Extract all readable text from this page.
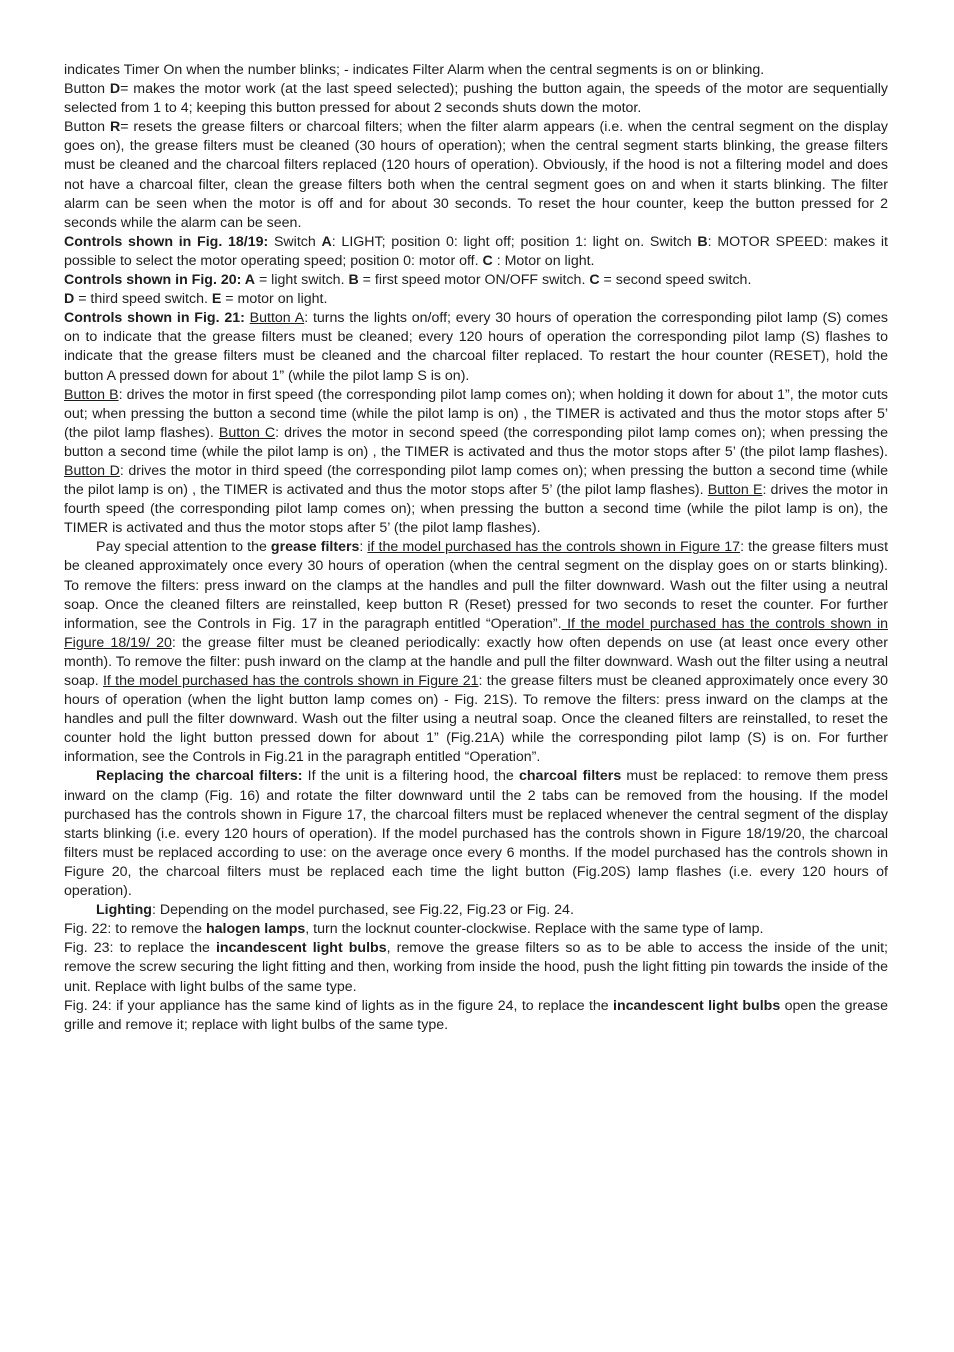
indicates Timer On when the number blinks; - indicates Filter Alarm when the central segments is on or blinking.

Button D= makes the motor work (at the last speed selected); pushing the button again, the speeds of the motor are sequentially selected from 1 to 4; keeping this button pressed for about 2 seconds shuts down the motor.

Button R= resets the grease filters or charcoal filters; when the filter alarm appears (i.e. when the central segment on the display goes on), the grease filters must be cleaned (30 hours of operation); when the central segment starts blinking, the grease filters must be cleaned and the charcoal filters replaced (120 hours of operation). Obviously, if the hood is not a filtering model and does not have a charcoal filter, clean the grease filters both when the central segment goes on and when it starts blinking. The filter alarm can be seen when the motor is off and for about 30 seconds. To reset the hour counter, keep the button pressed for 2 seconds while the alarm can be seen.

Controls shown in Fig. 18/19: Switch A: LIGHT; position 0: light off; position 1: light on. Switch B: MOTOR SPEED: makes it possible to select the motor operating speed; position 0: motor off. C : Motor on light.

Controls shown in Fig. 20: A = light switch. B = first speed motor ON/OFF switch. C = second speed switch.

D = third speed switch. E = motor on light.

Controls shown in Fig. 21: Button A: turns the lights on/off; every 30 hours of operation the corresponding pilot lamp (S) comes on to indicate that the grease filters must be cleaned; every 120 hours of operation the corresponding pilot lamp (S) flashes to indicate that the grease filters must be cleaned and the charcoal filter replaced. To restart the hour counter (RESET), hold the button A pressed down for about 1” (while the pilot lamp S is on).

Button B: drives the motor in first speed (the corresponding pilot lamp comes on); when holding it down for about 1”, the motor cuts out; when pressing the button a second time (while the pilot lamp is on) , the TIMER is activated and thus the motor stops after 5’ (the pilot lamp flashes). Button C: drives the motor in second speed (the corresponding pilot lamp comes on); when pressing the button a second time (while the pilot lamp is on) , the TIMER is activated and thus the motor stops after 5’ (the pilot lamp flashes). Button D: drives the motor in third speed (the corresponding pilot lamp comes on); when pressing the button a second time (while the pilot lamp is on) , the TIMER is activated and thus the motor stops after 5’ (the pilot lamp flashes). Button E: drives the motor in fourth speed (the corresponding pilot lamp comes on); when pressing the button a second time (while the pilot lamp is on), the TIMER is activated and thus the motor stops after 5’ (the pilot lamp flashes).

Pay special attention to the grease filters: if the model purchased has the controls shown in Figure 17: the grease filters must be cleaned approximately once every 30 hours of operation (when the central segment on the display goes on or starts blinking). To remove the filters: press inward on the clamps at the handles and pull the filter downward. Wash out the filter using a neutral soap. Once the cleaned filters are reinstalled, keep button R (Reset) pressed for two seconds to reset the counter. For further information, see the Controls in Fig. 17 in the paragraph entitled “Operation”. If the model purchased has the controls shown in Figure 18/19/ 20: the grease filter must be cleaned periodically: exactly how often depends on use (at least once every other month). To remove the filter: push inward on the clamp at the handle and pull the filter downward. Wash out the filter using a neutral soap. If the model purchased has the controls shown in Figure 21: the grease filters must be cleaned approximately once every 30 hours of operation (when the light button lamp comes on) - Fig. 21S). To remove the filters: press inward on the clamps at the handles and pull the filter downward. Wash out the filter using a neutral soap. Once the cleaned filters are reinstalled, to reset the counter hold the light button pressed down for about 1” (Fig.21A) while the corresponding pilot lamp (S) is on. For further information, see the Controls in Fig.21 in the paragraph entitled “Operation”.

Replacing the charcoal filters: If the unit is a filtering hood, the charcoal filters must be replaced: to remove them press inward on the clamp (Fig. 16) and rotate the filter downward until the 2 tabs can be removed from the housing. If the model purchased has the controls shown in Figure 17, the charcoal filters must be replaced whenever the central segment of the display starts blinking (i.e. every 120 hours of operation). If the model purchased has the controls shown in Figure 18/19/20, the charcoal filters must be replaced according to use: on the average once every 6 months. If the model purchased has the controls shown in Figure 20, the charcoal filters must be replaced each time the light button (Fig.20S) lamp flashes (i.e. every 120 hours of operation).

Lighting: Depending on the model purchased, see Fig.22, Fig.23 or Fig. 24.

Fig. 22: to remove the halogen lamps, turn the locknut counter-clockwise. Replace with the same type of lamp.

Fig. 23: to replace the incandescent light bulbs, remove the grease filters so as to be able to access the inside of the unit; remove the screw securing the light fitting and then, working from inside the hood, push the light fitting pin towards the inside of the unit. Replace with light bulbs of the same type.

Fig. 24: if your appliance has the same kind of lights as in the figure 24, to replace the incandescent light bulbs open the grease grille and remove it; replace with light bulbs of the same type.
